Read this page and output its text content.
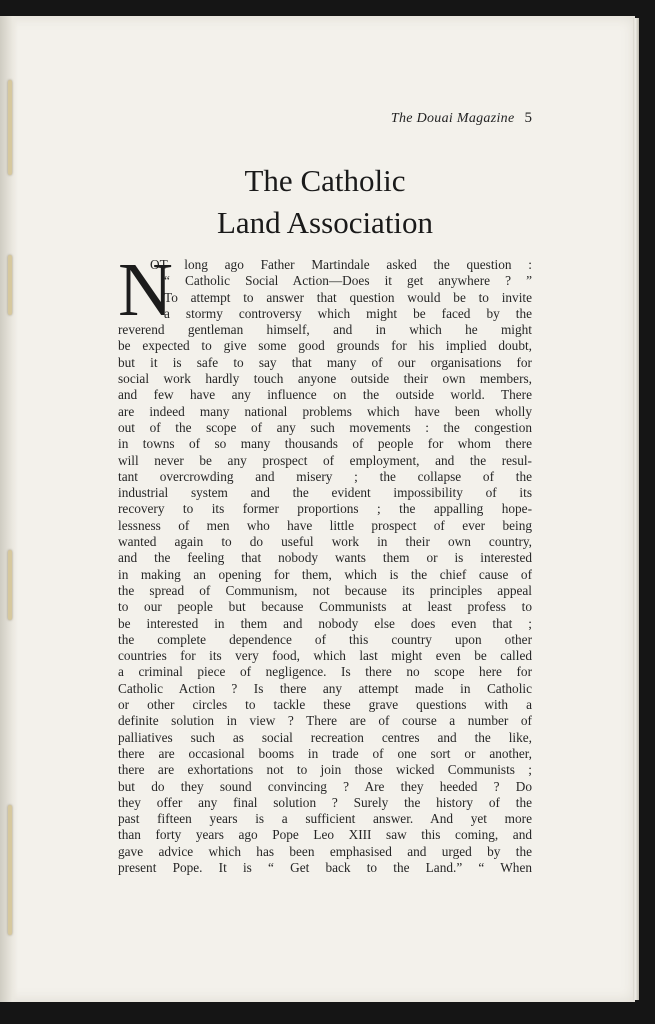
The Douai Magazine 5
The Catholic
Land Association
N
OT long ago Father Martindale asked the question :
“ Catholic Social Action—Does it get anywhere ? ”
To attempt to answer that question would be to invite
a stormy controversy which might be faced by the
reverend gentleman himself, and in which he might
be expected to give some good grounds for his implied doubt,
but it is safe to say that many of our organisations for
social work hardly touch anyone outside their own members,
and few have any influence on the outside world. There
are indeed many national problems which have been wholly
out of the scope of any such movements : the congestion
in towns of so many thousands of people for whom there
will never be any prospect of employment, and the resul-
tant overcrowding and misery ; the collapse of the
industrial system and the evident impossibility of its
recovery to its former proportions ; the appalling hope-
lessness of men who have little prospect of ever being
wanted again to do useful work in their own country,
and the feeling that nobody wants them or is interested
in making an opening for them, which is the chief cause of
the spread of Communism, not because its principles appeal
to our people but because Communists at least profess to
be interested in them and nobody else does even that ;
the complete dependence of this country upon other
countries for its very food, which last might even be called
a criminal piece of negligence. Is there no scope here for
Catholic Action ? Is there any attempt made in Catholic
or other circles to tackle these grave questions with a
definite solution in view ? There are of course a number of
palliatives such as social recreation centres and the like,
there are occasional booms in trade of one sort or another,
there are exhortations not to join those wicked Communists ;
but do they sound convincing ? Are they heeded ? Do
they offer any final solution ? Surely the history of the
past fifteen years is a sufficient answer. And yet more
than forty years ago Pope Leo XIII saw this coming, and
gave advice which has been emphasised and urged by the
present Pope. It is “ Get back to the Land.” “ When
